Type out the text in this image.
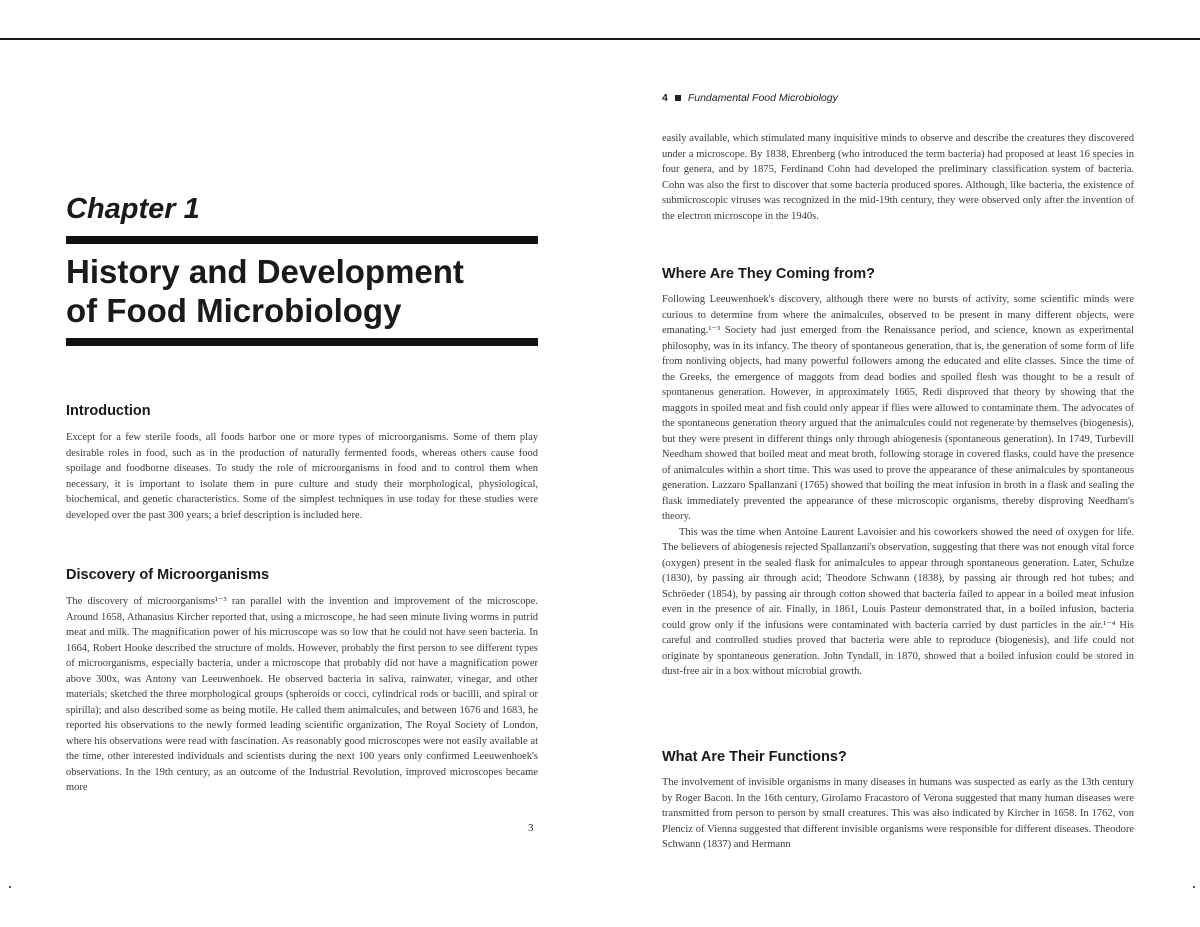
Chapter 1
History and Development
of Food Microbiology
Introduction

Except for a few sterile foods, all foods harbor one or more types of microorganisms. Some of them play desirable roles in food, such as in the production of naturally fermented foods, whereas others cause food spoilage and foodborne diseases. To study the role of microorganisms in food and to control them when necessary, it is important to isolate them in pure culture and study their morphological, physiological, biochemical, and genetic characteristics. Some of the simplest techniques in use today for these studies were developed over the past 300 years; a brief description is included here.

Discovery of Microorganisms

The discovery of microorganisms¹⁻³ ran parallel with the invention and improvement of the microscope. Around 1658, Athanasius Kircher reported that, using a microscope, he had seen minute living worms in putrid meat and milk. The magnification power of his microscope was so low that he could not have seen bacteria. In 1664, Robert Hooke described the structure of molds. However, probably the first person to see different types of microorganisms, especially bacteria, under a microscope that probably did not have a magnification power above 300x, was Antony van Leeuwenhoek. He observed bacteria in saliva, rainwater, vinegar, and other materials; sketched the three morphological groups (spheroids or cocci, cylindrical rods or bacilli, and spiral or spirilla); and also described some as being motile. He called them animalcules, and between 1676 and 1683, he reported his observations to the newly formed leading scientific organization, The Royal Society of London, where his observations were read with fascination. As reasonably good microscopes were not easily available at the time, other interested individuals and scientists during the next 100 years only confirmed Leeuwenhoek's observations. In the 19th century, as an outcome of the Industrial Revolution, improved microscopes became more

3
4 Fundamental Food Microbiology

easily available, which stimulated many inquisitive minds to observe and describe the creatures they discovered under a microscope. By 1838, Ehrenberg (who introduced the term bacteria) had proposed at least 16 species in four genera, and by 1875, Ferdinand Cohn had developed the preliminary classification system of bacteria. Cohn was also the first to discover that some bacteria produced spores. Although, like bacteria, the existence of submicroscopic viruses was recognized in the mid-19th century, they were observed only after the invention of the electron microscope in the 1940s.

Where Are They Coming from?

Following Leeuwenhoek's discovery, although there were no bursts of activity, some scientific minds were curious to determine from where the animalcules, observed to be present in many different objects, were emanating.¹⁻³ Society had just emerged from the Renaissance period, and science, known as experimental philosophy, was in its infancy. The theory of spontaneous generation, that is, the generation of some form of life from nonliving objects, had many powerful followers among the educated and elite classes. Since the time of the Greeks, the emergence of maggots from dead bodies and spoiled flesh was thought to be a result of spontaneous generation. However, in approximately 1665, Redi disproved that theory by showing that the maggots in spoiled meat and fish could only appear if flies were allowed to contaminate them. The advocates of the spontaneous generation theory argued that the animalcules could not regenerate by themselves (biogenesis), but they were present in different things only through abiogenesis (spontaneous generation). In 1749, Turbevill Needham showed that boiled meat and meat broth, following storage in covered flasks, could have the presence of animalcules within a short time. This was used to prove the appearance of these animalcules by spontaneous generation. Lazzaro Spallanzani (1765) showed that boiling the meat infusion in broth in a flask and sealing the flask immediately prevented the appearance of these microscopic organisms, thereby disproving Needham's theory.

This was the time when Antoine Laurent Lavoisier and his coworkers showed the need of oxygen for life. The believers of abiogenesis rejected Spallanzani's observation, suggesting that there was not enough vital force (oxygen) present in the sealed flask for animalcules to appear through spontaneous generation. Later, Schulze (1830), by passing air through acid; Theodore Schwann (1838), by passing air through red hot tubes; and Schröeder (1854), by passing air through cotton showed that bacteria failed to appear in a boiled meat infusion even in the presence of air. Finally, in 1861, Louis Pasteur demonstrated that, in a boiled infusion, bacteria could grow only if the infusions were contaminated with bacteria carried by dust particles in the air.¹⁻⁴ His careful and controlled studies proved that bacteria were able to reproduce (biogenesis), and life could not originate by spontaneous generation. John Tyndall, in 1870, showed that a boiled infusion could be stored in dust-free air in a box without microbial growth.

What Are Their Functions?

The involvement of invisible organisms in many diseases in humans was suspected as early as the 13th century by Roger Bacon. In the 16th century, Girolamo Fracastoro of Verona suggested that many human diseases were transmitted from person to person by small creatures. This was also indicated by Kircher in 1658. In 1762, von Plenciz of Vienna suggested that different invisible organisms were responsible for different diseases. Theodore Schwann (1837) and Hermann
